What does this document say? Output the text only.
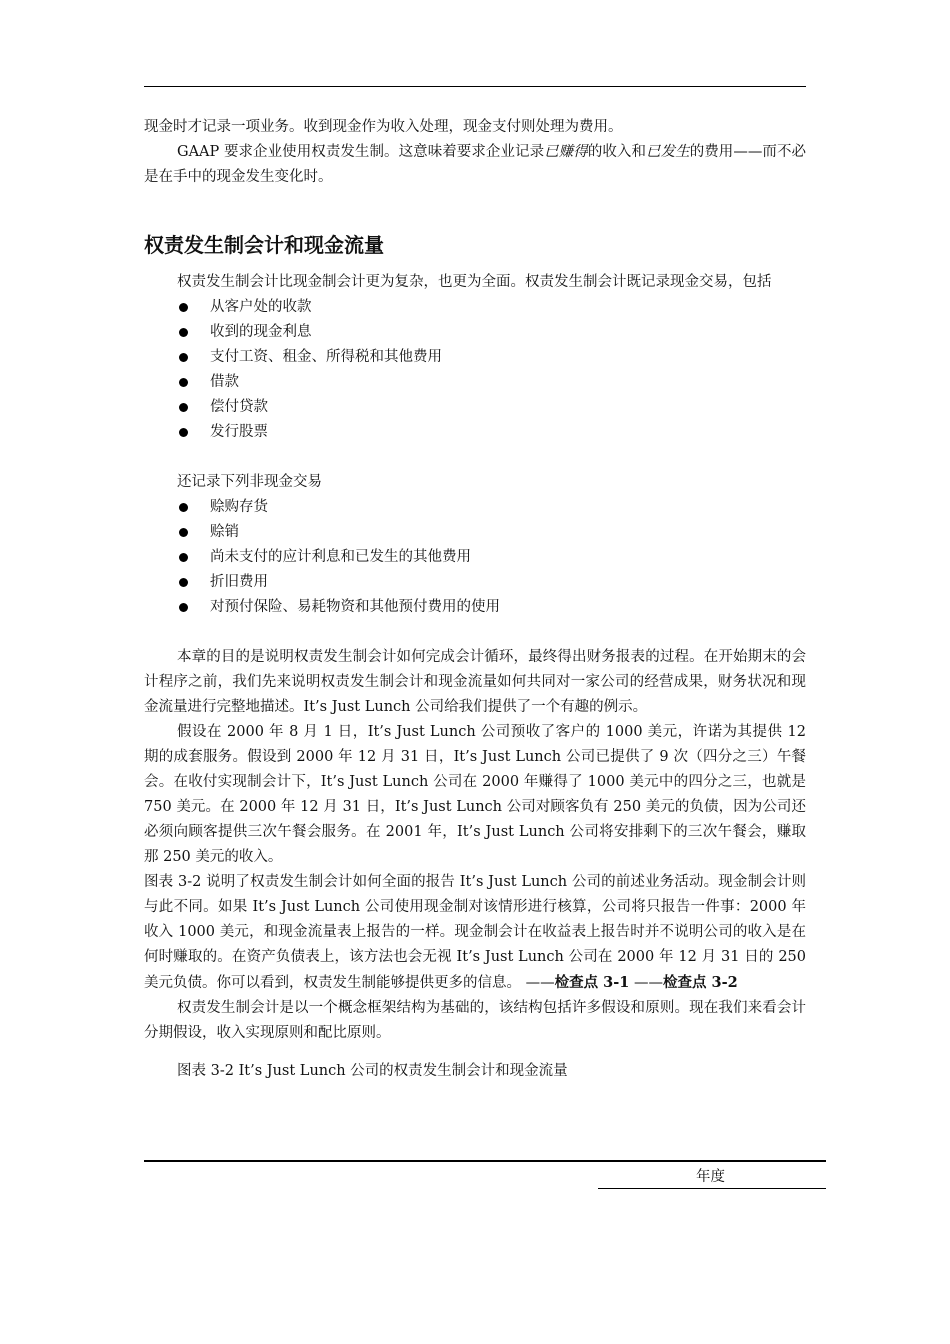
现金时才记录一项业务。收到现金作为收入处理，现金支付则处理为费用。

GAAP 要求企业使用权责发生制。这意味着要求企业记录已赚得的收入和已发生的费用——而不必是在手中的现金发生变化时。

权责发生制会计和现金流量

权责发生制会计比现金制会计更为复杂，也更为全面。权责发生制会计既记录现金交易，包括

从客户处的收款
收到的现金利息
支付工资、租金、所得税和其他费用
借款
偿付贷款
发行股票

还记录下列非现金交易

赊购存货
赊销
尚未支付的应计利息和已发生的其他费用
折旧费用
对预付保险、易耗物资和其他预付费用的使用

本章的目的是说明权责发生制会计如何完成会计循环，最终得出财务报表的过程。在开始期末的会计程序之前，我们先来说明权责发生制会计和现金流量如何共同对一家公司的经营成果，财务状况和现金流量进行完整地描述。It’s Just Lunch 公司给我们提供了一个有趣的例示。

假设在 2000 年 8 月 1 日，It’s Just Lunch 公司预收了客户的 1000 美元，许诺为其提供 12 期的成套服务。假设到 2000 年 12 月 31 日，It’s Just Lunch 公司已提供了 9 次（四分之三）午餐会。在收付实现制会计下，It’s Just Lunch 公司在 2000 年赚得了 1000 美元中的四分之三，也就是 750 美元。在 2000 年 12 月 31 日，It’s Just Lunch 公司对顾客负有 250 美元的负债，因为公司还必须向顾客提供三次午餐会服务。在 2001 年，It’s Just Lunch 公司将安排剩下的三次午餐会，赚取那 250 美元的收入。

图表 3-2 说明了权责发生制会计如何全面的报告 It’s Just Lunch 公司的前述业务活动。现金制会计则与此不同。如果 It’s Just Lunch 公司使用现金制对该情形进行核算，公司将只报告一件事：2000 年收入 1000 美元，和现金流量表上报告的一样。现金制会计在收益表上报告时并不说明公司的收入是在何时赚取的。在资产负债表上，该方法也会无视 It’s Just Lunch 公司在 2000 年 12 月 31 日的 250 美元负债。你可以看到，权责发生制能够提供更多的信息。 ——检查点 3-1 ——检查点 3-2

权责发生制会计是以一个概念框架结构为基础的，该结构包括许多假设和原则。现在我们来看会计分期假设，收入实现原则和配比原则。

图表 3-2 It’s Just Lunch 公司的权责发生制会计和现金流量

年度
